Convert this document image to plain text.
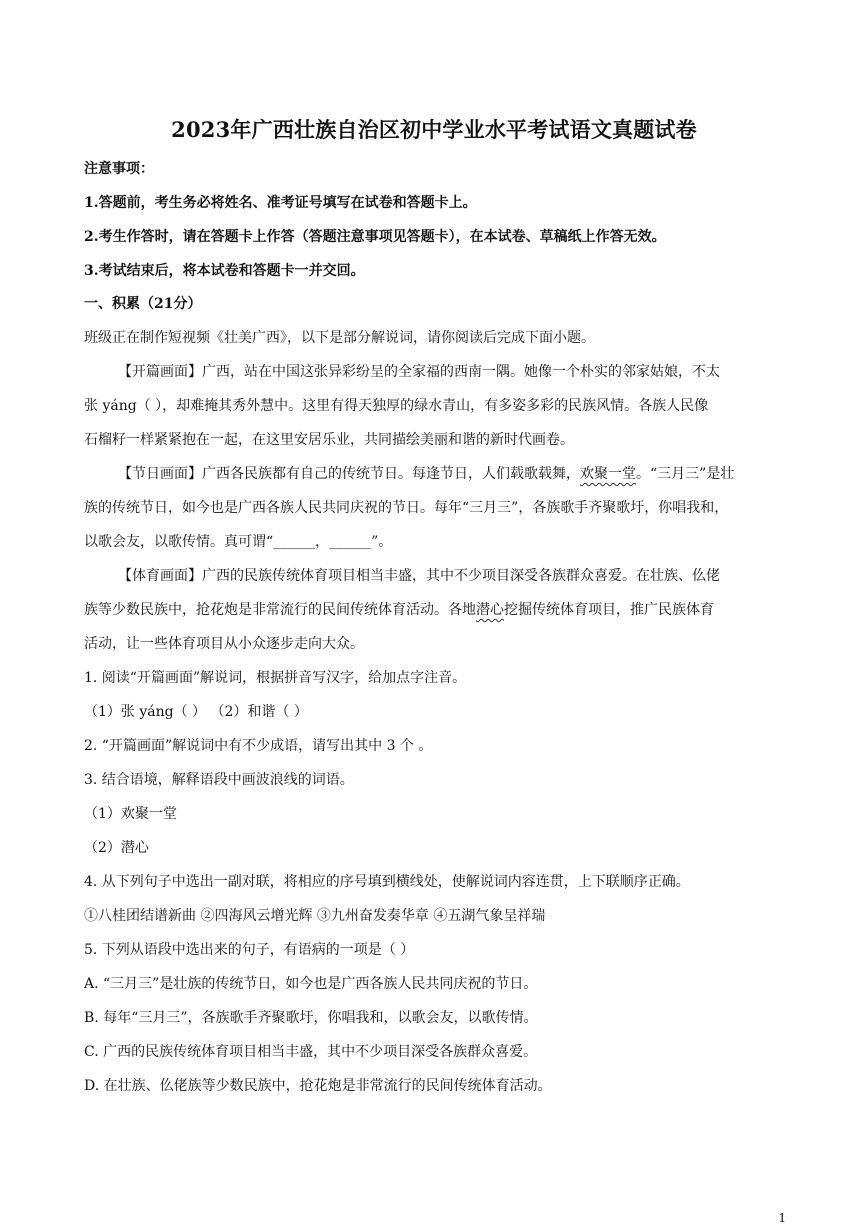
2023年广西壮族自治区初中学业水平考试语文真题试卷
注意事项：
1.答题前，考生务必将姓名、准考证号填写在试卷和答题卡上。
2.考生作答时，请在答题卡上作答（答题注意事项见答题卡），在本试卷、草稿纸上作答无效。
3.考试结束后，将本试卷和答题卡一并交回。
一、积累（21分）
班级正在制作短视频《壮美广西》，以下是部分解说词，请你阅读后完成下面小题。
【开篇画面】广西，站在中国这张异彩纷呈的全家福的西南一隅。她像一个朴实的邻家姑娘，不太
张 yáng（ ），却难掩其秀外慧中。这里有得天独厚的绿水青山，有多姿多彩的民族风情。各族人民像
石榴籽一样紧紧抱在一起，在这里安居乐业，共同描绘美丽和谐的新时代画卷。
【节日画面】广西各民族都有自己的传统节日。每逢节日，人们载歌载舞，欢聚一堂。“三月三”是壮
族的传统节日，如今也是广西各族人民共同庆祝的节日。每年“三月三”，各族歌手齐聚歌圩，你唱我和，
以歌会友，以歌传情。真可谓“______，______”。
【体育画面】广西的民族传统体育项目相当丰盛，其中不少项目深受各族群众喜爱。在壮族、仫佬
族等少数民族中，抢花炮是非常流行的民间传统体育活动。各地潜心挖掘传统体育项目，推广民族体育
活动，让一些体育项目从小众逐步走向大众。
1. 阅读“开篇画面”解说词，根据拼音写汉字，给加点字注音。
（1）张 yáng（ ） （2）和谐（ ）
2. “开篇画面”解说词中有不少成语，请写出其中 3 个 。
3. 结合语境，解释语段中画波浪线的词语。
（1）欢聚一堂
（2）潜心
4. 从下列句子中选出一副对联，将相应的序号填到横线处，使解说词内容连贯，上下联顺序正确。
①八桂团结谱新曲 ②四海风云增光辉 ③九州奋发奏华章 ④五湖气象呈祥瑞
5. 下列从语段中选出来的句子，有语病的一项是（ ）
A. “三月三”是壮族的传统节日，如今也是广西各族人民共同庆祝的节日。
B. 每年“三月三”，各族歌手齐聚歌圩，你唱我和，以歌会友，以歌传情。
C. 广西的民族传统体育项目相当丰盛，其中不少项目深受各族群众喜爱。
D. 在壮族、仫佬族等少数民族中，抢花炮是非常流行的民间传统体育活动。
1
